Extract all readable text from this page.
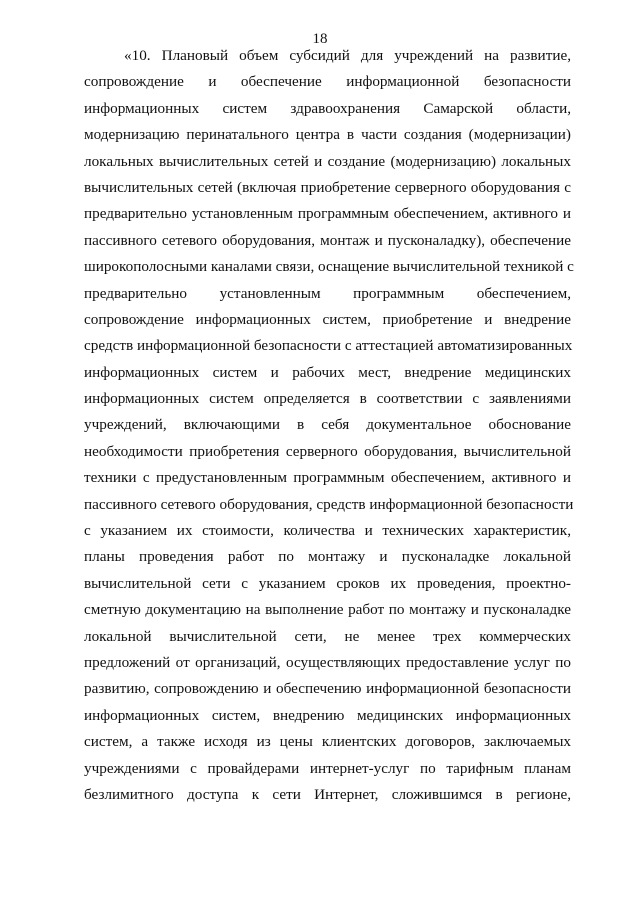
18
«10. Плановый объем субсидий для учреждений на развитие,
сопровождение и обеспечение информационной безопасности
информационных систем здравоохранения Самарской области,
модернизацию перинатального центра в части создания (модернизации)
локальных вычислительных сетей и создание (модернизацию) локальных
вычислительных сетей (включая приобретение серверного оборудования с
предварительно установленным программным обеспечением, активного и
пассивного сетевого оборудования, монтаж и пусконаладку), обеспечение
широкополосными каналами связи, оснащение вычислительной техникой с
предварительно установленным программным обеспечением,
сопровождение информационных систем, приобретение и внедрение
средств информационной безопасности с аттестацией автоматизированных
информационных систем и рабочих мест, внедрение медицинских
информационных систем определяется в соответствии с заявлениями
учреждений, включающими в себя документальное обоснование
необходимости приобретения серверного оборудования, вычислительной
техники с предустановленным программным обеспечением, активного и
пассивного сетевого оборудования, средств информационной безопасности
с указанием их стоимости, количества и технических характеристик,
планы проведения работ по монтажу и пусконаладке локальной
вычислительной сети с указанием сроков их проведения, проектно-
сметную документацию на выполнение работ по монтажу и пусконаладке
локальной вычислительной сети, не менее трех коммерческих
предложений от организаций, осуществляющих предоставление услуг по
развитию, сопровождению и обеспечению информационной безопасности
информационных систем, внедрению медицинских информационных
систем, а также исходя из цены клиентских договоров, заключаемых
учреждениями с провайдерами интернет-услуг по тарифным планам
безлимитного доступа к сети Интернет, сложившимся в регионе,
